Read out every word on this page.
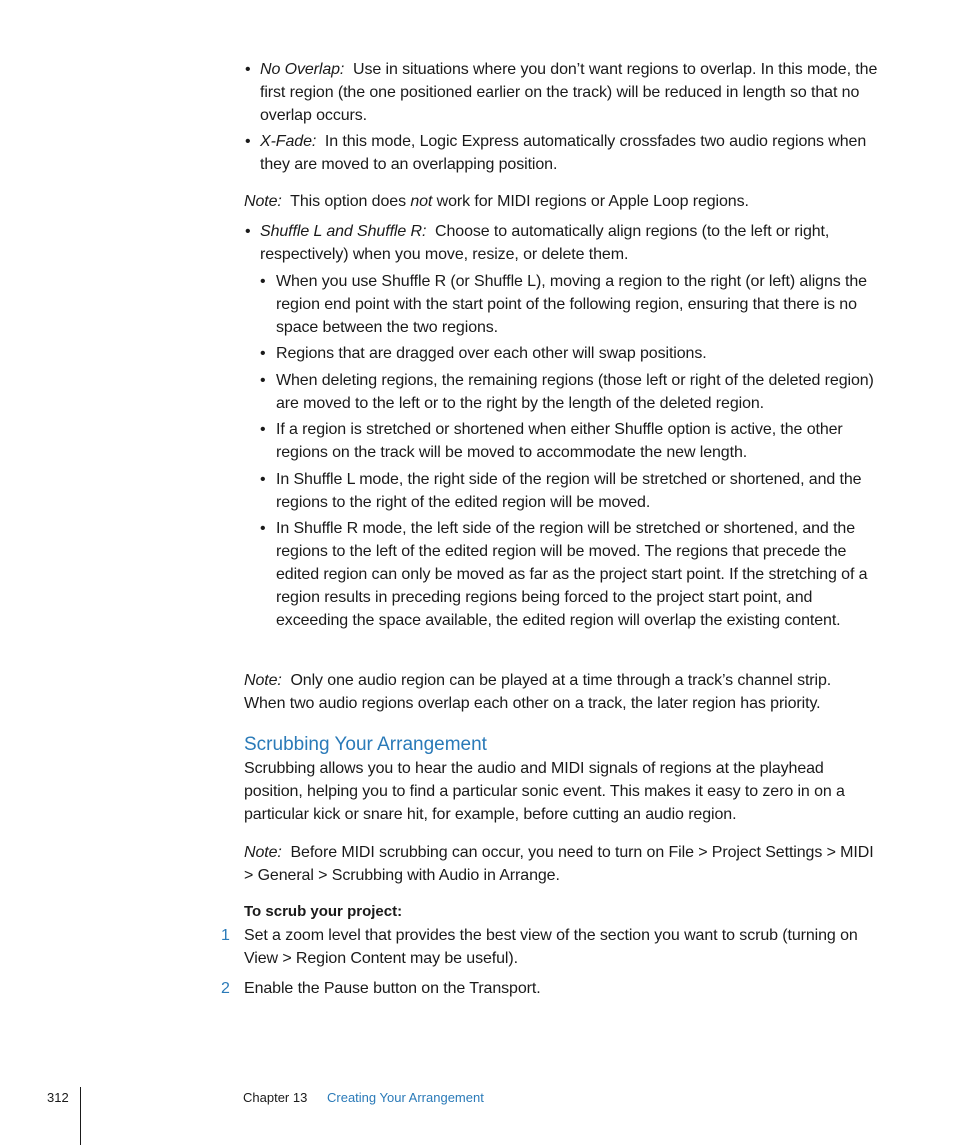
• No Overlap: Use in situations where you don’t want regions to overlap. In this mode, the first region (the one positioned earlier on the track) will be reduced in length so that no overlap occurs.

• X-Fade: In this mode, Logic Express automatically crossfades two audio regions when they are moved to an overlapping position.

Note: This option does not work for MIDI regions or Apple Loop regions.

• Shuffle L and Shuffle R: Choose to automatically align regions (to the left or right, respectively) when you move, resize, or delete them.

• When you use Shuffle R (or Shuffle L), moving a region to the right (or left) aligns the region end point with the start point of the following region, ensuring that there is no space between the two regions.

• Regions that are dragged over each other will swap positions.

• When deleting regions, the remaining regions (those left or right of the deleted region) are moved to the left or to the right by the length of the deleted region.

• If a region is stretched or shortened when either Shuffle option is active, the other regions on the track will be moved to accommodate the new length.

• In Shuffle L mode, the right side of the region will be stretched or shortened, and the regions to the right of the edited region will be moved.

• In Shuffle R mode, the left side of the region will be stretched or shortened, and the regions to the left of the edited region will be moved. The regions that precede the edited region can only be moved as far as the project start point. If the stretching of a region results in preceding regions being forced to the project start point, and exceeding the space available, the edited region will overlap the existing content.

Note: Only one audio region can be played at a time through a track’s channel strip. When two audio regions overlap each other on a track, the later region has priority.

Scrubbing Your Arrangement

Scrubbing allows you to hear the audio and MIDI signals of regions at the playhead position, helping you to find a particular sonic event. This makes it easy to zero in on a particular kick or snare hit, for example, before cutting an audio region.

Note: Before MIDI scrubbing can occur, you need to turn on File > Project Settings > MIDI > General > Scrubbing with Audio in Arrange.

To scrub your project:

1 Set a zoom level that provides the best view of the section you want to scrub (turning on View > Region Content may be useful).

2 Enable the Pause button on the Transport.

312	Chapter 13 Creating Your Arrangement
